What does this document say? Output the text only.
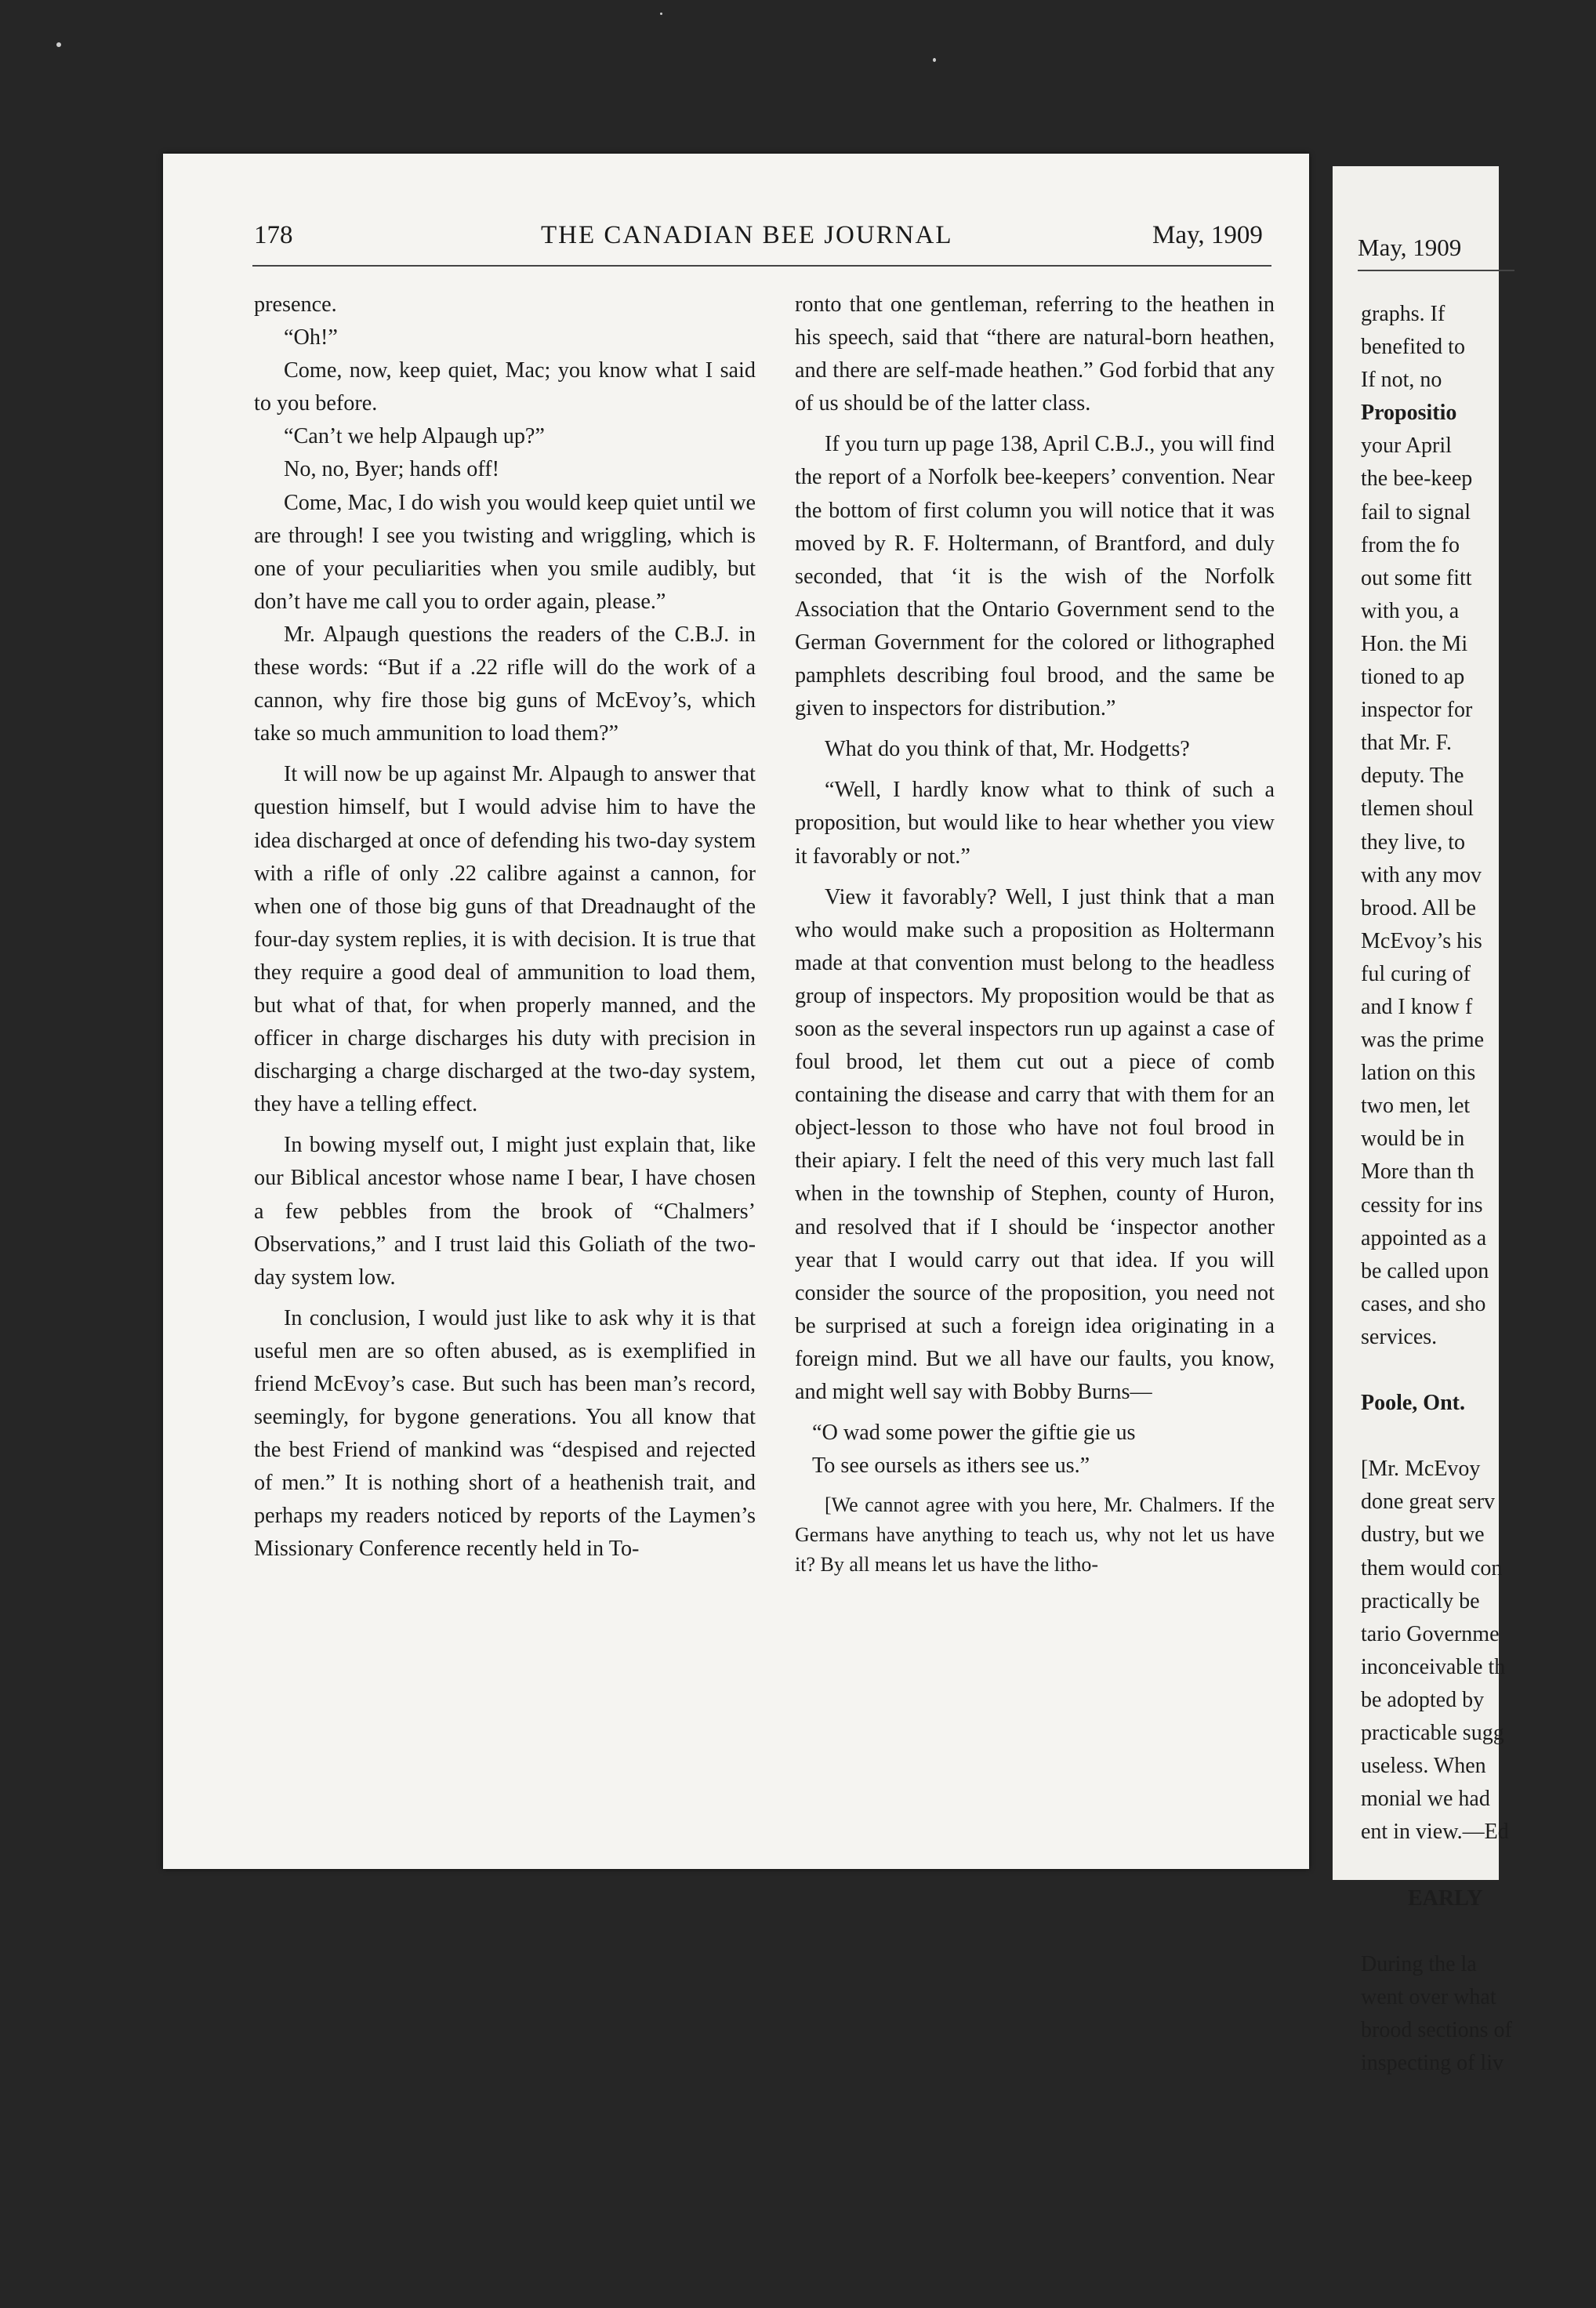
178	THE CANADIAN BEE JOURNAL	May, 1909

presence.

“Oh!”

Come, now, keep quiet, Mac; you know what I said to you before.

“Can’t we help Alpaugh up?”

No, no, Byer; hands off!

Come, Mac, I do wish you would keep quiet until we are through! I see you twisting and wriggling, which is one of your peculiarities when you smile audibly, but don’t have me call you to order again, please.”

Mr. Alpaugh questions the readers of the C.B.J. in these words: “But if a .22 rifle will do the work of a cannon, why fire those big guns of McEvoy’s, which take so much ammunition to load them?”

It will now be up against Mr. Alpaugh to answer that question himself, but I would advise him to have the idea discharged at once of defending his two-day system with a rifle of only .22 calibre against a cannon, for when one of those big guns of that Dreadnaught of the four-day system replies, it is with decision. It is true that they require a good deal of ammunition to load them, but what of that, for when properly manned, and the officer in charge discharges his duty with precision in discharging a charge discharged at the two-day system, they have a telling effect.

In bowing myself out, I might just explain that, like our Biblical ancestor whose name I bear, I have chosen a few pebbles from the brook of “Chalmers’ Observations,” and I trust laid this Goliath of the two-day system low.

In conclusion, I would just like to ask why it is that useful men are so often abused, as is exemplified in friend McEvoy’s case. But such has been man’s record, seemingly, for bygone generations. You all know that the best Friend of mankind was “despised and rejected of men.” It is nothing short of a heathenish trait, and perhaps my readers noticed by reports of the Laymen’s Missionary Conference recently held in To-

ronto that one gentleman, referring to the heathen in his speech, said that “there are natural-born heathen, and there are self-made heathen.” God forbid that any of us should be of the latter class.

If you turn up page 138, April C.B.J., you will find the report of a Norfolk bee-keepers’ convention. Near the bottom of first column you will notice that it was moved by R. F. Holtermann, of Brantford, and duly seconded, that ‘it is the wish of the Norfolk Association that the Ontario Government send to the German Government for the colored or lithographed pamphlets describing foul brood, and the same be given to inspectors for distribution.”

What do you think of that, Mr. Hodgetts?

“Well, I hardly know what to think of such a proposition, but would like to hear whether you view it favorably or not.”

View it favorably? Well, I just think that a man who would make such a proposition as Holtermann made at that convention must belong to the headless group of inspectors. My proposition would be that as soon as the several inspectors run up against a case of foul brood, let them cut out a piece of comb containing the disease and carry that with them for an object-lesson to those who have not foul brood in their apiary. I felt the need of this very much last fall when in the township of Stephen, county of Huron, and resolved that if I should be ‘inspector another year that I would carry out that idea. If you will consider the source of the proposition, you need not be surprised at such a foreign idea originating in a foreign mind. But we all have our faults, you know, and might well say with Bobby Burns—

“O wad some power the giftie gie us

To see oursels as ithers see us.”

[We cannot agree with you here, Mr. Chalmers. If the Germans have anything to teach us, why not let us have it? By all means let us have the litho-

May, 1909

graphs. If

benefited to

If not, no

Propositio

your April

the bee-keep

fail to signal

from the fo

out some fitt

with you, a

Hon. the Mi

tioned to ap

inspector for

that Mr. F.

deputy. The

tlemen shoul

they live, to

with any mov

brood. All be

McEvoy’s his

ful curing of

and I know f

was the prime

lation on this

two men, let

would be in

More than th

cessity for ins

appointed as a

be called upon

cases, and sho

services.

Poole, Ont.

[Mr. McEvoy

done great serv

dustry, but we

them would con

practically be

tario Governme

inconceivable th

be adopted by

practicable sugg

useless. When

monial we had

ent in view.—Ed

EARLY

During the la

went over what

brood sections of

inspecting of liv
